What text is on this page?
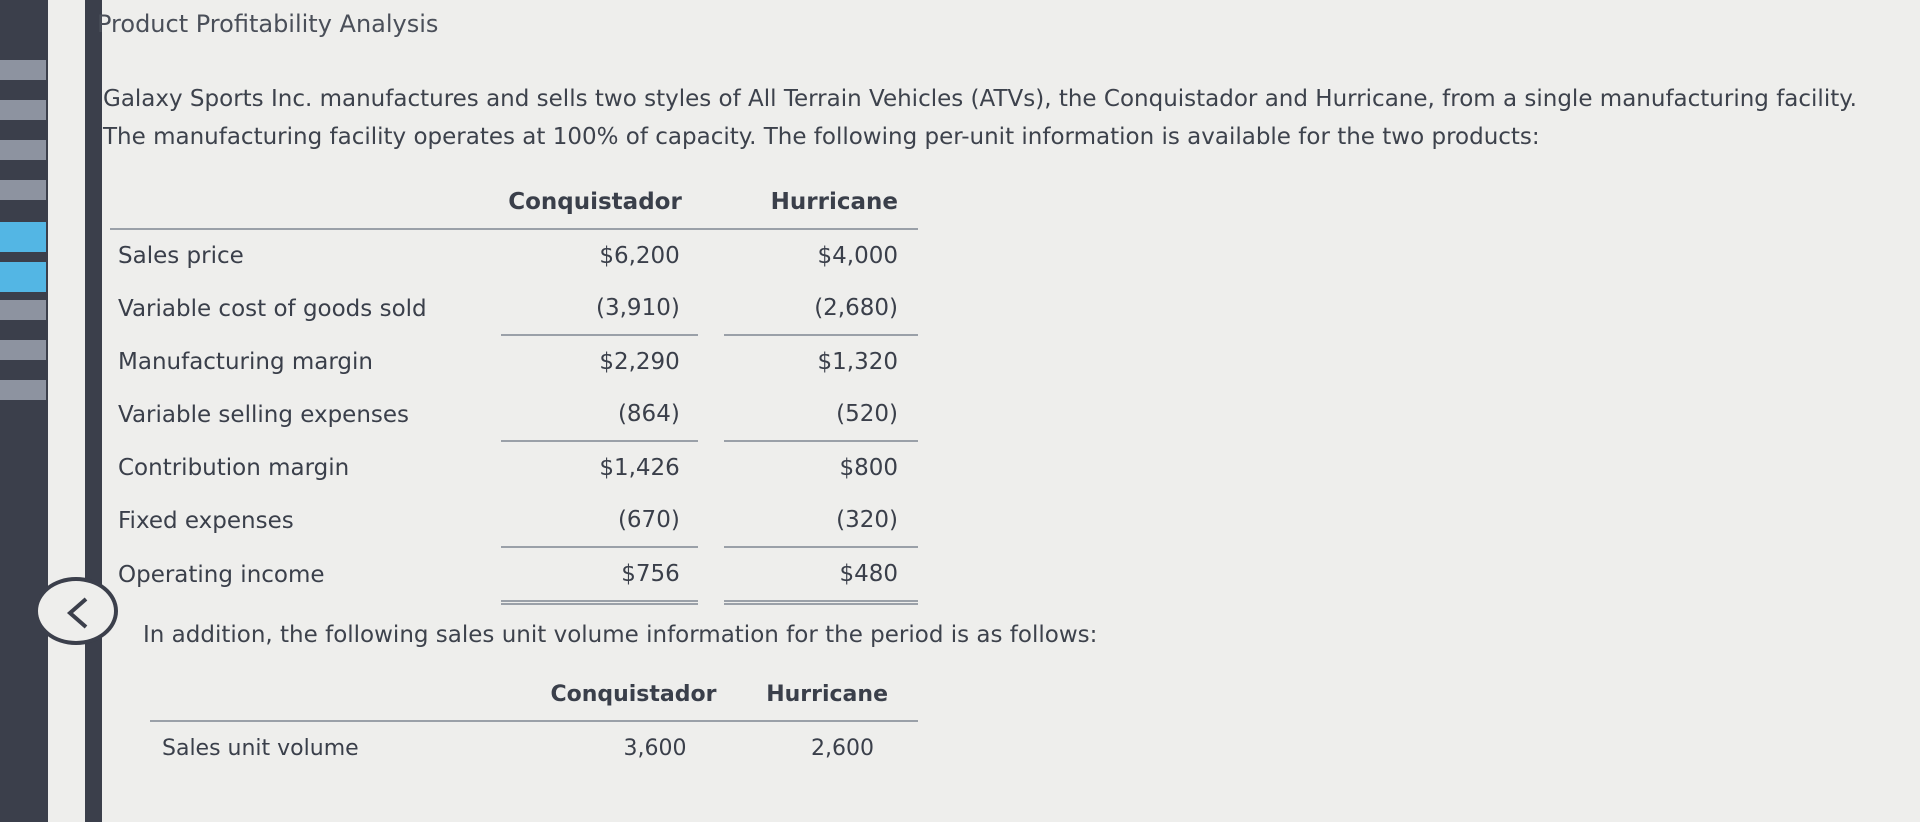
Product Profitability Analysis
Galaxy Sports Inc. manufactures and sells two styles of All Terrain Vehicles (ATVs), the Conquistador and Hurricane, from a single manufacturing facility. The manufacturing facility operates at 100% of capacity. The following per-unit information is available for the two products:
	Conquistador		Hurricane
Sales price	$6,200		$4,000
Variable cost of goods sold	(3,910)		(2,680)
Manufacturing margin	$2,290		$1,320
Variable selling expenses	(864)		(520)
Contribution margin	$1,426		$800
Fixed expenses	(670)		(320)
Operating income	$756		$480
In addition, the following sales unit volume information for the period is as follows:
	Conquistador	Hurricane
Sales unit volume	3,600	2,600
